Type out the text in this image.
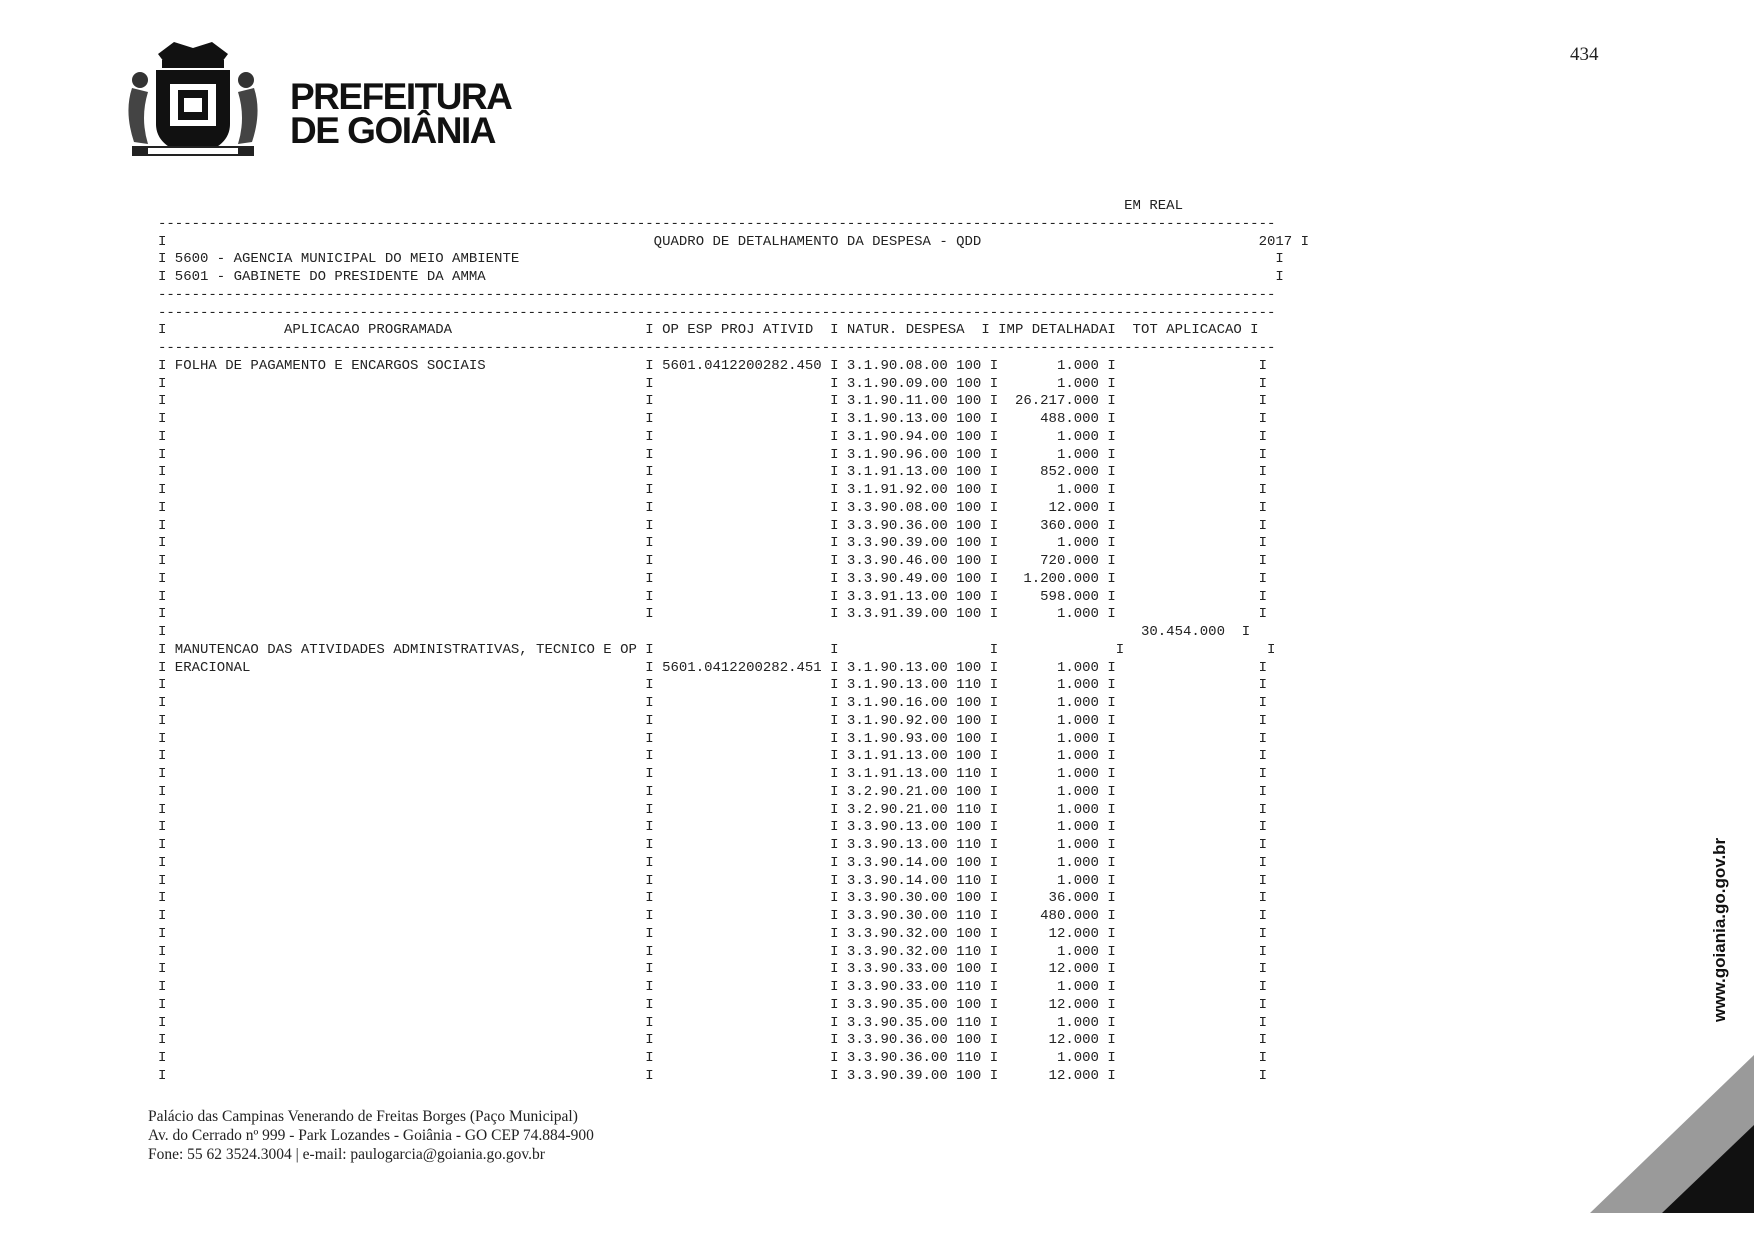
434
PREFEITURA
DE GOIÂNIA
EM REAL
-------------------------------------------------------------------------------------------------------------------------------------
I                                                          QUADRO DE DETALHAMENTO DA DESPESA - QDD                                 2017 I
I 5600 - AGENCIA MUNICIPAL DO MEIO AMBIENTE                                                                                          I
I 5601 - GABINETE DO PRESIDENTE DA AMMA                                                                                              I
-------------------------------------------------------------------------------------------------------------------------------------
-------------------------------------------------------------------------------------------------------------------------------------
I              APLICACAO PROGRAMADA                       I OP ESP PROJ ATIVID  I NATUR. DESPESA  I IMP DETALHADAI  TOT APLICACAO I
-------------------------------------------------------------------------------------------------------------------------------------
I FOLHA DE PAGAMENTO E ENCARGOS SOCIAIS                   I 5601.0412200282.450 I 3.1.90.08.00 100 I       1.000 I                 I
I                                                         I                     I 3.1.90.09.00 100 I       1.000 I                 I
I                                                         I                     I 3.1.90.11.00 100 I  26.217.000 I                 I
I                                                         I                     I 3.1.90.13.00 100 I     488.000 I                 I
I                                                         I                     I 3.1.90.94.00 100 I       1.000 I                 I
I                                                         I                     I 3.1.90.96.00 100 I       1.000 I                 I
I                                                         I                     I 3.1.91.13.00 100 I     852.000 I                 I
I                                                         I                     I 3.1.91.92.00 100 I       1.000 I                 I
I                                                         I                     I 3.3.90.08.00 100 I      12.000 I                 I
I                                                         I                     I 3.3.90.36.00 100 I     360.000 I                 I
I                                                         I                     I 3.3.90.39.00 100 I       1.000 I                 I
I                                                         I                     I 3.3.90.46.00 100 I     720.000 I                 I
I                                                         I                     I 3.3.90.49.00 100 I   1.200.000 I                 I
I                                                         I                     I 3.3.91.13.00 100 I     598.000 I                 I
I                                                         I                     I 3.3.91.39.00 100 I       1.000 I                 I
I                                                                                                                    30.454.000  I
I MANUTENCAO DAS ATIVIDADES ADMINISTRATIVAS, TECNICO E OP I                     I                  I              I                 I
I ERACIONAL                                               I 5601.0412200282.451 I 3.1.90.13.00 100 I       1.000 I                 I
I                                                         I                     I 3.1.90.13.00 110 I       1.000 I                 I
I                                                         I                     I 3.1.90.16.00 100 I       1.000 I                 I
I                                                         I                     I 3.1.90.92.00 100 I       1.000 I                 I
I                                                         I                     I 3.1.90.93.00 100 I       1.000 I                 I
I                                                         I                     I 3.1.91.13.00 100 I       1.000 I                 I
I                                                         I                     I 3.1.91.13.00 110 I       1.000 I                 I
I                                                         I                     I 3.2.90.21.00 100 I       1.000 I                 I
I                                                         I                     I 3.2.90.21.00 110 I       1.000 I                 I
I                                                         I                     I 3.3.90.13.00 100 I       1.000 I                 I
I                                                         I                     I 3.3.90.13.00 110 I       1.000 I                 I
I                                                         I                     I 3.3.90.14.00 100 I       1.000 I                 I
I                                                         I                     I 3.3.90.14.00 110 I       1.000 I                 I
I                                                         I                     I 3.3.90.30.00 100 I      36.000 I                 I
I                                                         I                     I 3.3.90.30.00 110 I     480.000 I                 I
I                                                         I                     I 3.3.90.32.00 100 I      12.000 I                 I
I                                                         I                     I 3.3.90.32.00 110 I       1.000 I                 I
I                                                         I                     I 3.3.90.33.00 100 I      12.000 I                 I
I                                                         I                     I 3.3.90.33.00 110 I       1.000 I                 I
I                                                         I                     I 3.3.90.35.00 100 I      12.000 I                 I
I                                                         I                     I 3.3.90.35.00 110 I       1.000 I                 I
I                                                         I                     I 3.3.90.36.00 100 I      12.000 I                 I
I                                                         I                     I 3.3.90.36.00 110 I       1.000 I                 I
I                                                         I                     I 3.3.90.39.00 100 I      12.000 I                 I

Palácio das Campinas Venerando de Freitas Borges (Paço Municipal)
Av. do Cerrado nº 999 - Park Lozandes - Goiânia - GO CEP 74.884-900
Fone: 55 62 3524.3004 | e-mail: paulogarcia@goiania.go.gov.br
www.goiania.go.gov.br
